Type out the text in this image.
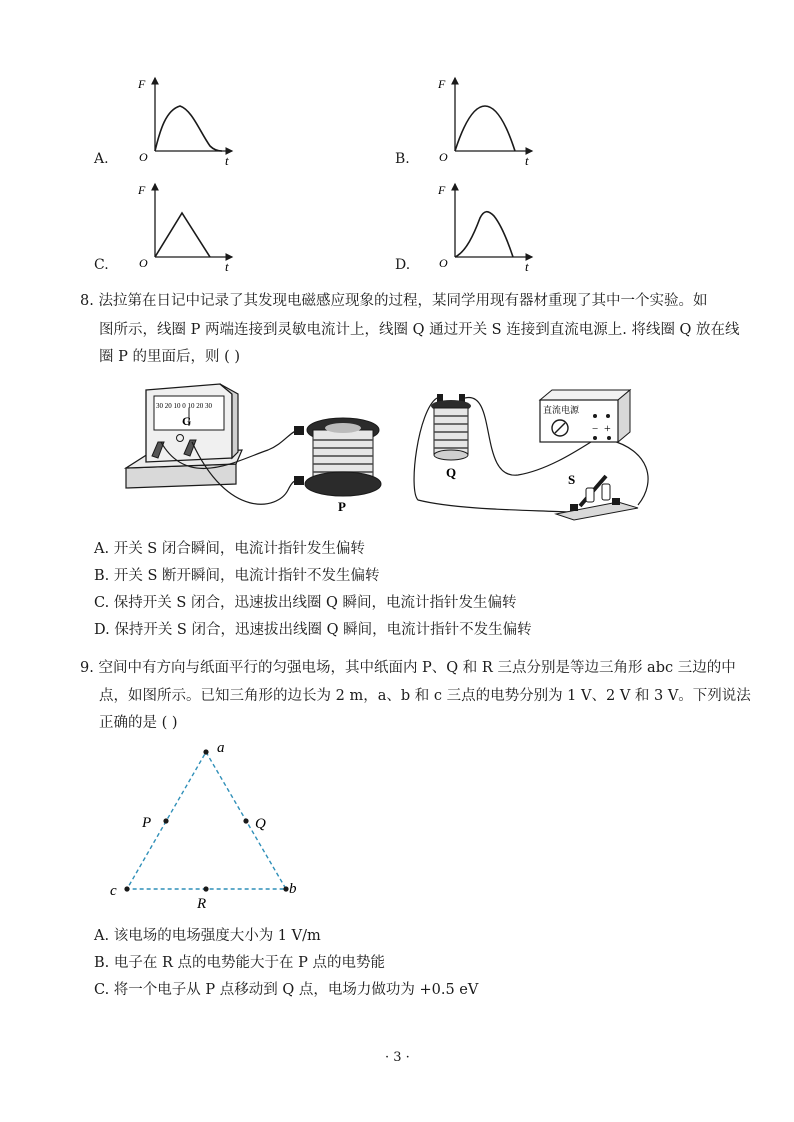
A.	B.
C.	D.
F
O	t
F
O	t
F
O	t
F
O	t
8. 法拉第在日记中记录了其发现电磁感应现象的过程，某同学用现有器材重现了其中一个实验。如
图所示，线圈 P 两端连接到灵敏电流计上，线圈 Q 通过开关 S 连接到直流电源上. 将线圈 Q 放在线
圈 P 的里面后，则 ( )
30 20 10 0 10 20 30
G
P
Q
− +
直流电源
S
A. 开关 S 闭合瞬间，电流计指针发生偏转
B. 开关 S 断开瞬间，电流计指针不发生偏转
C. 保持开关 S 闭合，迅速拔出线圈 Q 瞬间，电流计指针发生偏转
D. 保持开关 S 闭合，迅速拔出线圈 Q 瞬间，电流计指针不发生偏转
9. 空间中有方向与纸面平行的匀强电场，其中纸面内 P、Q 和 R 三点分别是等边三角形 abc 三边的中
点，如图所示。已知三角形的边长为 2 m，a、b 和 c 三点的电势分别为 1 V、2 V 和 3 V。下列说法
正确的是 ( )
a
b
c
P	Q
R
A. 该电场的电场强度大小为 1 V/m
B. 电子在 R 点的电势能大于在 P 点的电势能
C. 将一个电子从 P 点移动到 Q 点，电场力做功为 +0.5 eV
· 3 ·
